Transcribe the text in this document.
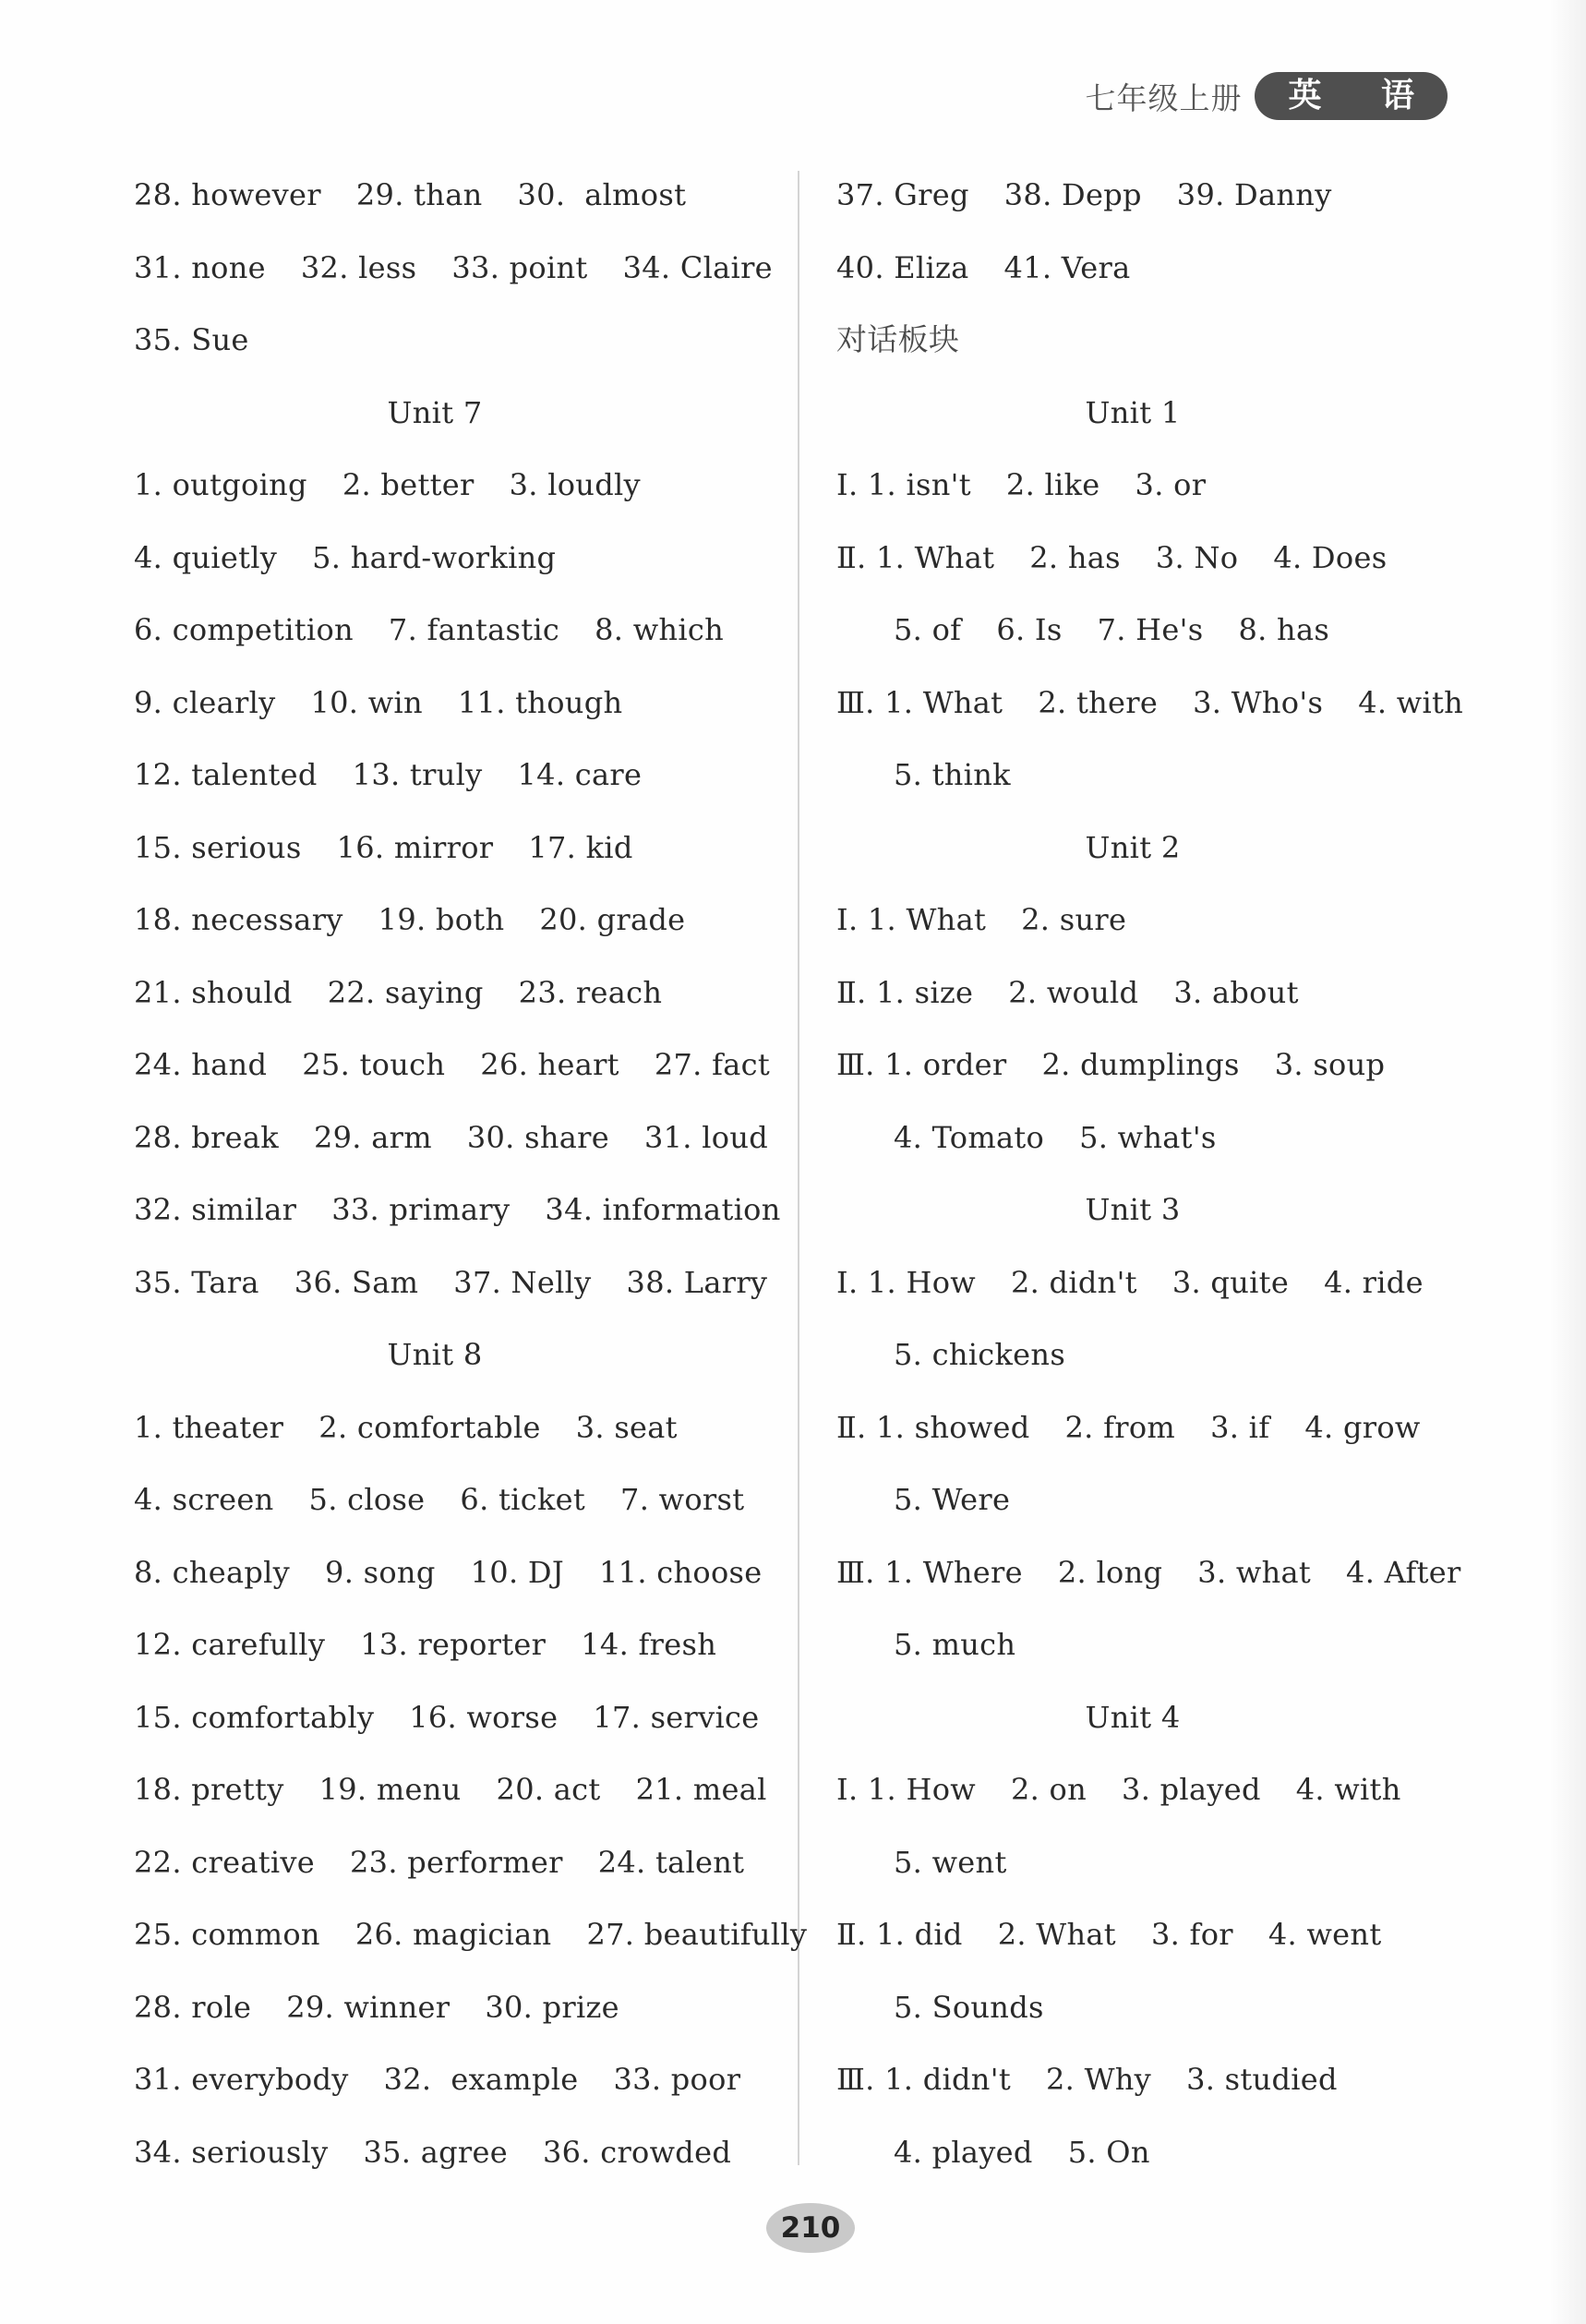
七年级上册	英 语
28. however 29. than 30.  almost
31. none 32. less 33. point 34. Claire
35. Sue
Unit 7
1. outgoing 2. better 3. loudly
4. quietly 5. hard-working
6. competition 7. fantastic 8. which
9. clearly 10. win 11. though
12. talented 13. truly 14. care
15. serious 16. mirror 17. kid
18. necessary 19. both 20. grade
21. should 22. saying 23. reach
24. hand 25. touch 26. heart 27. fact
28. break 29. arm 30. share 31. loud
32. similar 33. primary 34. information
35. Tara 36. Sam 37. Nelly 38. Larry
Unit 8
1. theater 2. comfortable 3. seat
4. screen 5. close 6. ticket 7. worst
8. cheaply 9. song 10. DJ 11. choose
12. carefully 13. reporter 14. fresh
15. comfortably 16. worse 17. service
18. pretty 19. menu 20. act 21. meal
22. creative 23. performer 24. talent
25. common 26. magician 27. beautifully
28. role 29. winner 30. prize
31. everybody 32.  example 33. poor
34. seriously 35. agree 36. crowded
37. Greg 38. Depp 39. Danny
40. Eliza 41. Vera
对话板块
Unit 1
Ⅰ. 1. isn't 2. like 3. or
Ⅱ. 1. What 2. has 3. No 4. Does
5. of 6. Is 7. He's 8. has
Ⅲ. 1. What 2. there 3. Who's 4. with
5. think
Unit 2
Ⅰ. 1. What 2. sure
Ⅱ. 1. size 2. would 3. about
Ⅲ. 1. order 2. dumplings 3. soup
4. Tomato 5. what's
Unit 3
Ⅰ. 1. How 2. didn't 3. quite 4. ride
5. chickens
Ⅱ. 1. showed 2. from 3. if 4. grow
5. Were
Ⅲ. 1. Where 2. long 3. what 4. After
5. much
Unit 4
Ⅰ. 1. How 2. on 3. played 4. with
5. went
Ⅱ. 1. did 2. What 3. for 4. went
5. Sounds
Ⅲ. 1. didn't 2. Why 3. studied
4. played 5. On
210
